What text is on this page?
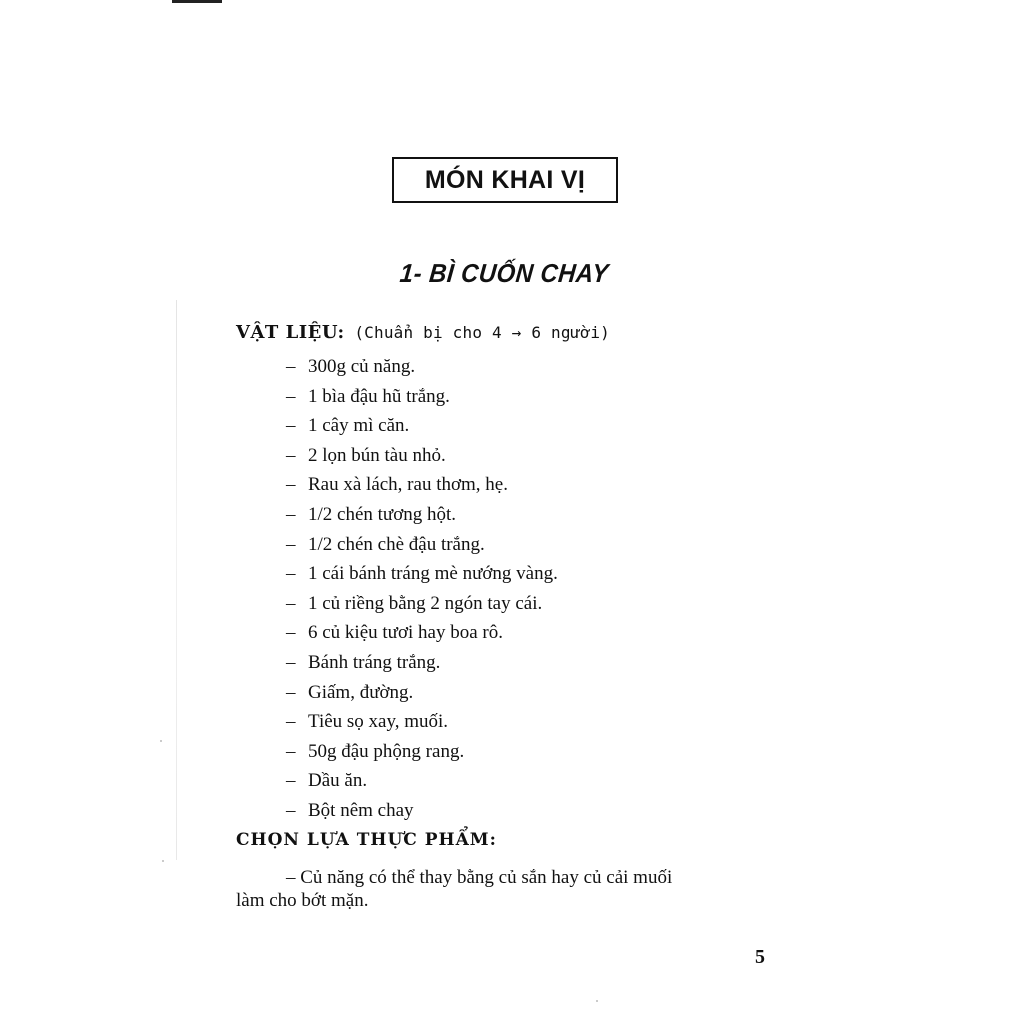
MÓN KHAI VỊ
1- BÌ CUỐN CHAY
VẬT LIỆU: (Chuẩn bị cho 4 → 6 người)
– 300g củ năng.
– 1 bìa đậu hũ trắng.
– 1 cây mì căn.
– 2 lọn bún tàu nhỏ.
– Rau xà lách, rau thơm, hẹ.
– 1/2 chén tương hột.
– 1/2 chén chè đậu trắng.
– 1 cái bánh tráng mè nướng vàng.
– 1 củ riềng bằng 2 ngón tay cái.
– 6 củ kiệu tươi hay boa rô.
– Bánh tráng trắng.
– Giấm, đường.
– Tiêu sọ xay, muối.
– 50g đậu phộng rang.
– Dầu ăn.
– Bột nêm chay
CHỌN LỰA THỰC PHẨM:
– Củ năng có thể thay bằng củ sắn hay củ cải muối
làm cho bớt mặn.
5
